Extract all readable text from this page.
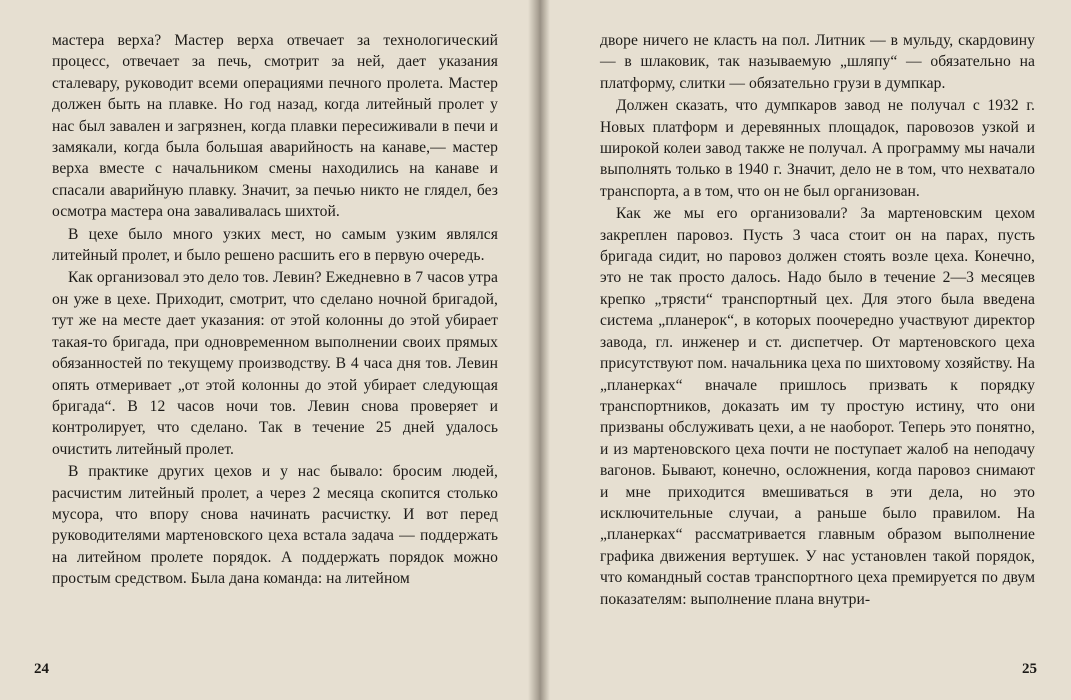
мастера верха? Мастер верха отвечает за технологический процесс, отвечает за печь, смотрит за ней, дает указания сталевару, руководит всеми операциями печного пролета. Мастер должен быть на плавке. Но год назад, когда литейный пролет у нас был завален и загрязнен, когда плавки пересиживали в печи и замякали, когда была большая аварийность на канаве,— мастер верха вместе с начальником смены находились на канаве и спасали аварийную плавку. Значит, за печью никто не глядел, без осмотра мастера она заваливалась шихтой.

В цехе было много узких мест, но самым узким являлся литейный пролет, и было решено расшить его в первую очередь.

Как организовал это дело тов. Левин? Ежедневно в 7 часов утра он уже в цехе. Приходит, смотрит, что сделано ночной бригадой, тут же на месте дает указания: от этой колонны до этой убирает такая-то бригада, при одновременном выполнении своих прямых обязанностей по текущему производству. В 4 часа дня тов. Левин опять отмеривает „от этой колонны до этой убирает следующая бригада“. В 12 часов ночи тов. Левин снова проверяет и контролирует, что сделано. Так в течение 25 дней удалось очистить литейный пролет.

В практике других цехов и у нас бывало: бросим людей, расчистим литейный пролет, а через 2 месяца скопится столько мусора, что впору снова начинать расчистку. И вот перед руководителями мартеновского цеха встала задача — поддержать на литейном пролете порядок. А поддержать порядок можно простым средством. Была дана команда: на литейном

24

дворе ничего не класть на пол. Литник — в мульду, скардовину — в шлаковик, так называемую „шляпу“ — обязательно на платформу, слитки — обязательно грузи в думпкар.

Должен сказать, что думпкаров завод не получал с 1932 г. Новых платформ и деревянных площадок, паровозов узкой и широкой колеи завод также не получал. А программу мы начали выполнять только в 1940 г. Значит, дело не в том, что нехватало транспорта, а в том, что он не был организован.

Как же мы его организовали? За мартеновским цехом закреплен паровоз. Пусть 3 часа стоит он на парах, пусть бригада сидит, но паровоз должен стоять возле цеха. Конечно, это не так просто далось. Надо было в течение 2—3 месяцев крепко „трясти“ транспортный цех. Для этого была введена система „планерок“, в которых поочередно участвуют директор завода, гл. инженер и ст. диспетчер. От мартеновского цеха присутствуют пом. начальника цеха по шихтовому хозяйству. На „планерках“ вначале пришлось призвать к порядку транспортников, доказать им ту простую истину, что они призваны обслуживать цехи, а не наоборот. Теперь это понятно, и из мартеновского цеха почти не поступает жалоб на неподачу вагонов. Бывают, конечно, осложнения, когда паровоз снимают и мне приходится вмешиваться в эти дела, но это исключительные случаи, а раньше было правилом. На „планерках“ рассматривается главным образом выполнение графика движения вертушек. У нас установлен такой порядок, что командный состав транспортного цеха премируется по двум показателям: выполнение плана внутри-

25
